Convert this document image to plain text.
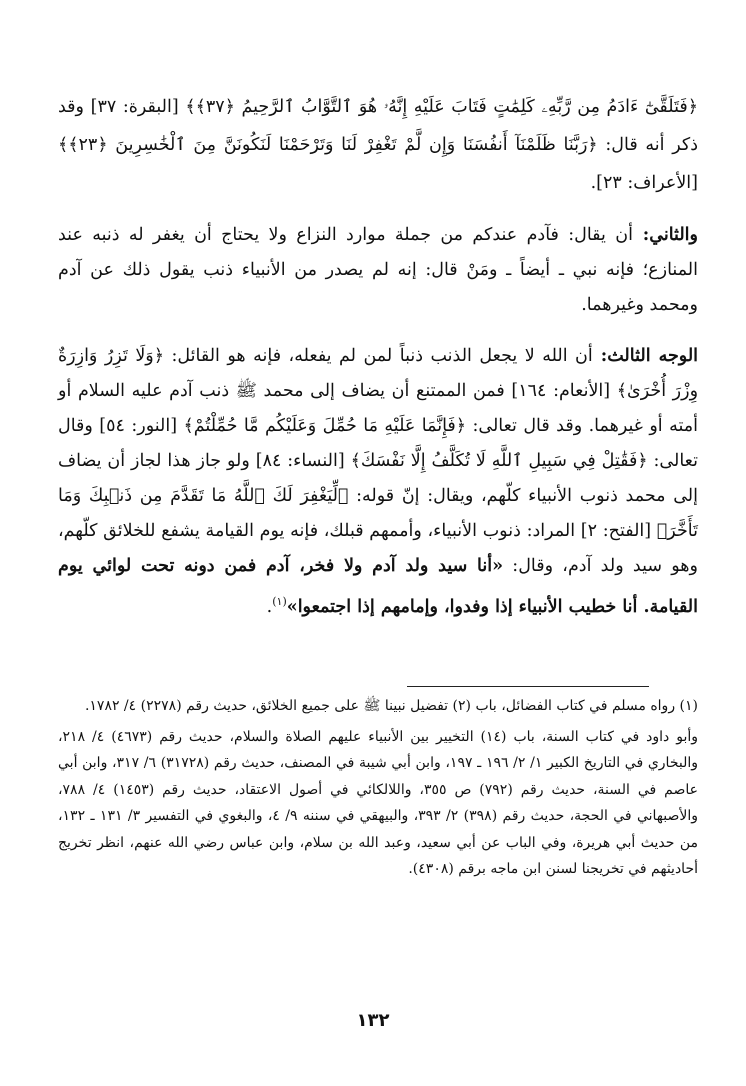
﴿فَتَلَقَّىٰٓ ءَادَمُ مِن رَّبِّهِۦ كَلِمَٰتٍ فَتَابَ عَلَيْهِ إِنَّهُۥ هُوَ ٱلتَّوَّابُ ٱلرَّحِيمُ ﴿٣٧﴾﴾ [البقرة: ٣٧] وقد ذكر أنه قال: ﴿رَبَّنَا ظَلَمْنَآ أَنفُسَنَا وَإِن لَّمْ تَغْفِرْ لَنَا وَتَرْحَمْنَا لَنَكُونَنَّ مِنَ ٱلْخَٰسِرِينَ ﴿٢٣﴾﴾ [الأعراف: ٢٣].

والثاني: أن يقال: فآدم عندكم من جملة موارد النزاع ولا يحتاج أن يغفر له ذنبه عند المنازع؛ فإنه نبي ـ أيضاً ـ ومَنْ قال: إنه لم يصدر من الأنبياء ذنب يقول ذلك عن آدم ومحمد وغيرهما.

الوجه الثالث: أن الله لا يجعل الذنب ذنباً لمن لم يفعله، فإنه هو القائل: ﴿وَلَا تَزِرُ وَازِرَةٌ وِزْرَ أُخْرَىٰ﴾ [الأنعام: ١٦٤] فمن الممتنع أن يضاف إلى محمد ﷺ ذنب آدم عليه السلام أو أمته أو غيرهما. وقد قال تعالى: ﴿فَإِنَّمَا عَلَيْهِ مَا حُمِّلَ وَعَلَيْكُم مَّا حُمِّلْتُمْ﴾ [النور: ٥٤] وقال تعالى: ﴿فَقَٰتِلْ فِي سَبِيلِ ٱللَّهِ لَا تُكَلَّفُ إِلَّا نَفْسَكَ﴾ [النساء: ٨٤] ولو جاز هذا لجاز أن يضاف إلى محمد ذنوب الأنبياء كلّهم، ويقال: إنّ قوله: ﴿لِّيَغْفِرَ لَكَ ٱللَّهُ مَا تَقَدَّمَ مِن ذَنۢبِكَ وَمَا تَأَخَّرَ﴾ [الفتح: ٢] المراد: ذنوب الأنبياء، وأممهم قبلك، فإنه يوم القيامة يشفع للخلائق كلّهم، وهو سيد ولد آدم، وقال: «أنا سيد ولد آدم ولا فخر، آدم فمن دونه تحت لوائي يوم القيامة. أنا خطيب الأنبياء إذا وفدوا، وإمامهم إذا اجتمعوا»$^{(١)}$.

(١) رواه مسلم في كتاب الفضائل، باب (٢) تفضيل نبينا ﷺ على جميع الخلائق، حديث رقم (٢٢٧٨) ٤/ ١٧٨٢.

وأبو داود في كتاب السنة، باب (١٤) التخيير بين الأنبياء عليهم الصلاة والسلام، حديث رقم (٤٦٧٣) ٤/ ٢١٨، والبخاري في التاريخ الكبير ١/ ٢/ ١٩٦ ـ ١٩٧، وابن أبي شيبة في المصنف، حديث رقم (٣١٧٢٨) ٦/ ٣١٧، وابن أبي عاصم في السنة، حديث رقم (٧٩٢) ص ٣٥٥، واللالكائي في أصول الاعتقاد، حديث رقم (١٤٥٣) ٤/ ٧٨٨، والأصبهاني في الحجة، حديث رقم (٣٩٨) ٢/ ٣٩٣، والبيهقي في سننه ٩/ ٤، والبغوي في التفسير ٣/ ١٣١ ـ ١٣٢، من حديث أبي هريرة، وفي الباب عن أبي سعيد، وعبد الله بن سلام، وابن عباس رضي الله عنهم، انظر تخريج أحاديثهم في تخريجنا لسنن ابن ماجه برقم (٤٣٠٨).

١٣٢
